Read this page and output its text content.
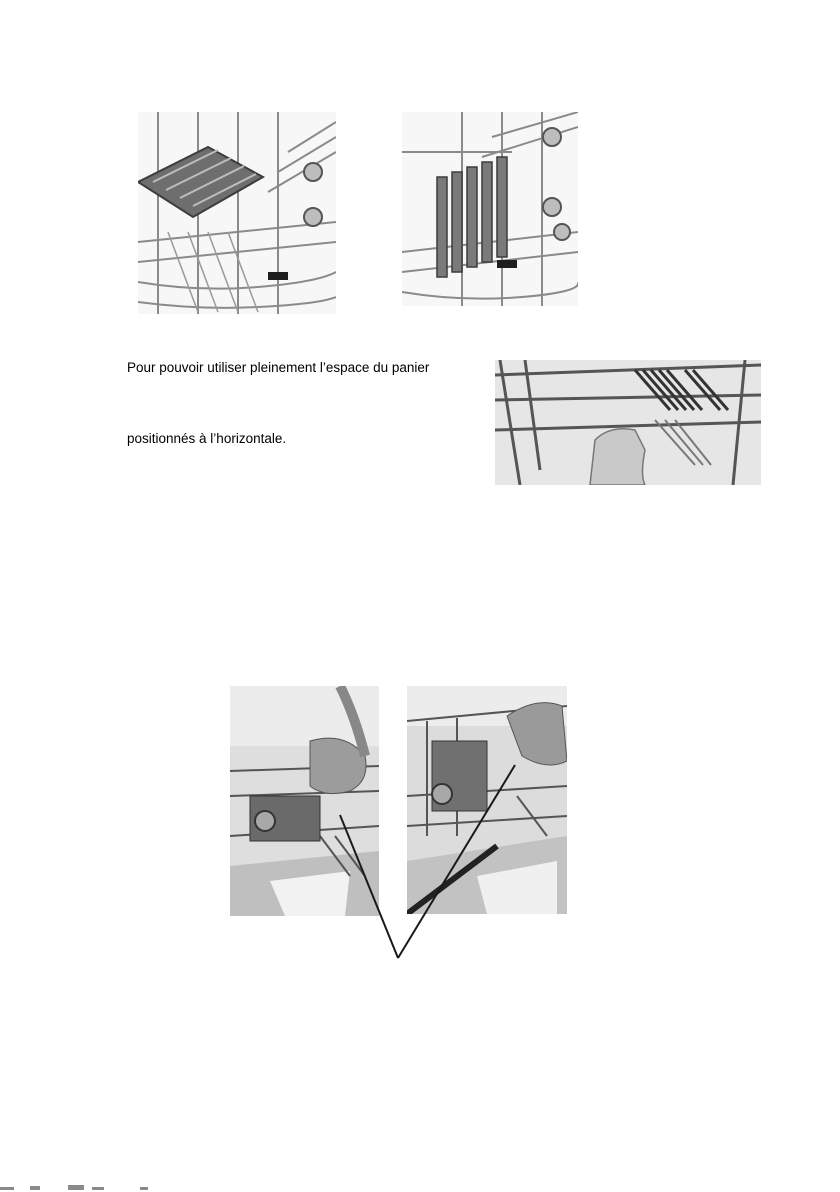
Pour pouvoir utiliser pleinement l’espace du panier
positionnés à l’horizontale.
